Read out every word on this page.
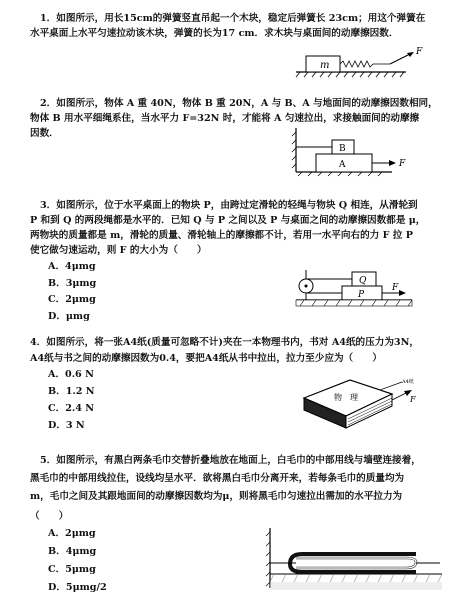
1．如图所示，用长15cm的弹簧竖直吊起一个木块，稳定后弹簧长 23cm；用这个弹簧在
水平桌面上水平匀速拉动该木块，弹簧的长为17 cm．求木块与桌面间的动摩擦因数．
m
F
2．如图所示，物体 A 重 40N，物体 B 重 20N，A 与 B、A 与地面间的动摩擦因数相同，
物体 B 用水平细绳系住，当水平力 F=32N 时，才能将 A 匀速拉出，求接触面间的动摩擦
因数．
B
A	F
3．如图所示，位于水平桌面上的物块 P，由跨过定滑轮的轻绳与物块 Q 相连，从滑轮到
P 和到 Q 的两段绳都是水平的．已知 Q 与 P 之间以及 P 与桌面之间的动摩擦因数都是 μ，
两物块的质量都是 m，滑轮的质量、滑轮轴上的摩擦都不计，若用一水平向右的力 F 拉 P
使它做匀速运动，则 F 的大小为（　　）
A．4μmg
B．3μmg
C．2μmg
D．μmg
Q
P
F
4．如图所示，将一张A4纸(质量可忽略不计)夹在一本物理书内，书对 A4纸的压力为3N，
A4纸与书之间的动摩擦因数为0.4，要把A4纸从书中拉出，拉力至少应为（　　）
A．0.6 N
B．1.2 N
C．2.4 N
D．3 N
物　理
A4纸
F
5．如图所示，有黑白两条毛巾交替折叠地放在地面上，白毛巾的中部用线与墙壁连接着，
黑毛巾的中部用线拉住，设线均呈水平．欲将黑白毛巾分离开来，若每条毛巾的质量均为
m，毛巾之间及其跟地面间的动摩擦因数均为μ，则将黑毛巾匀速拉出需加的水平拉力为
（　　）
A．2μmg
B．4μmg
C．5μmg
D．5μmg/2
